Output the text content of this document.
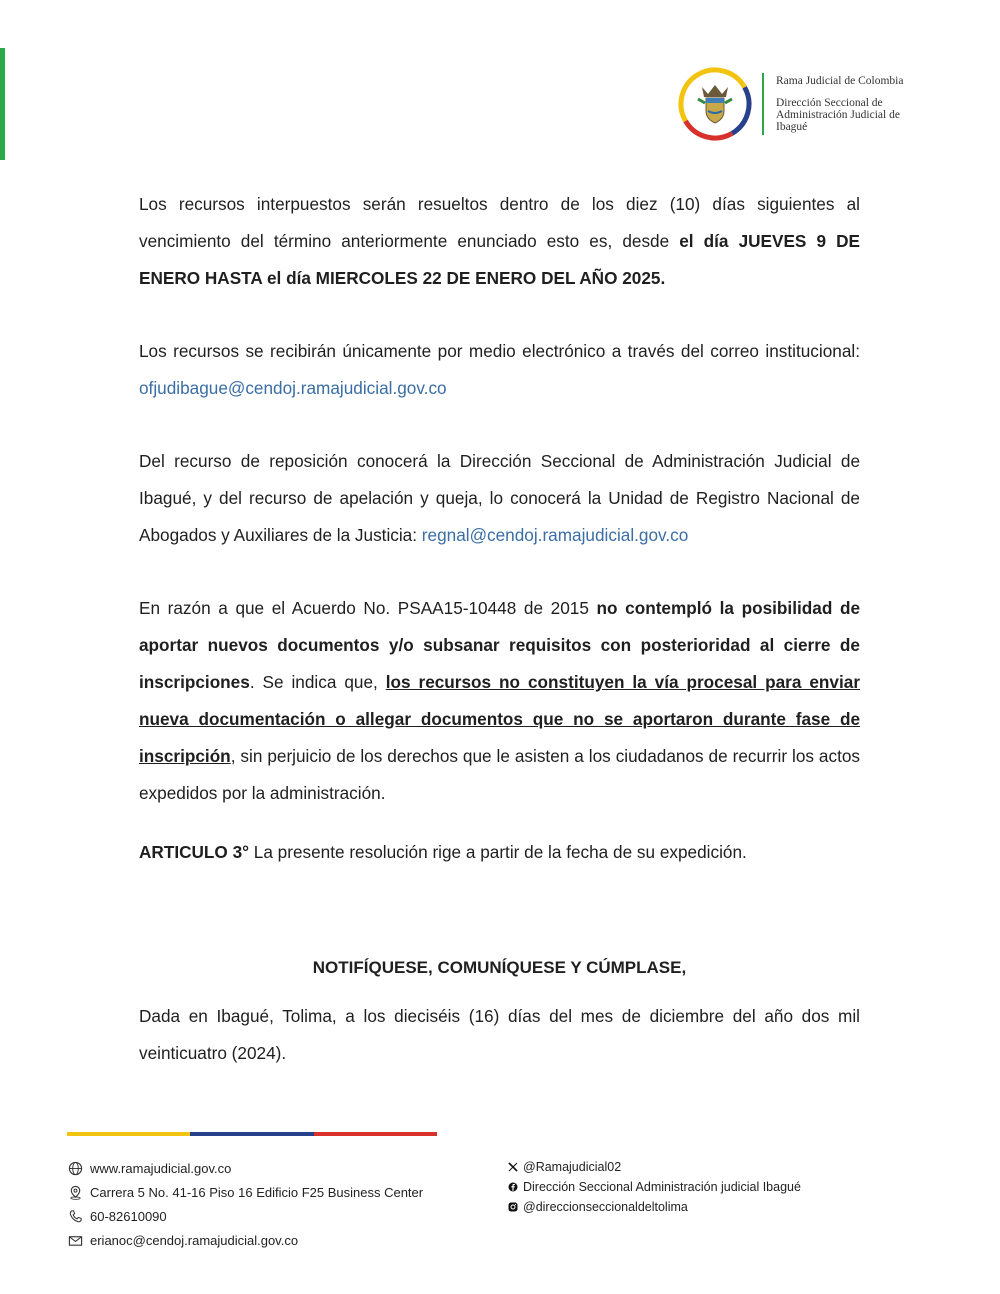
Rama Judicial de Colombia
Dirección Seccional de Administración Judicial de Ibagué

Los recursos interpuestos serán resueltos dentro de los diez (10) días siguientes al vencimiento del término anteriormente enunciado esto es, desde el día JUEVES 9 DE ENERO HASTA el día MIERCOLES 22 DE ENERO DEL AÑO 2025.

Los recursos se recibirán únicamente por medio electrónico a través del correo institucional: ofjudibague@cendoj.ramajudicial.gov.co

Del recurso de reposición conocerá la Dirección Seccional de Administración Judicial de Ibagué, y del recurso de apelación y queja, lo conocerá la Unidad de Registro Nacional de Abogados y Auxiliares de la Justicia: regnal@cendoj.ramajudicial.gov.co

En razón a que el Acuerdo No. PSAA15-10448 de 2015 no contempló la posibilidad de aportar nuevos documentos y/o subsanar requisitos con posterioridad al cierre de inscripciones. Se indica que, los recursos no constituyen la vía procesal para enviar nueva documentación o allegar documentos que no se aportaron durante fase de inscripción, sin perjuicio de los derechos que le asisten a los ciudadanos de recurrir los actos expedidos por la administración.

ARTICULO 3° La presente resolución rige a partir de la fecha de su expedición.

NOTIFÍQUESE, COMUNÍQUESE Y CÚMPLASE,

Dada en Ibagué, Tolima, a los dieciséis (16) días del mes de diciembre del año dos mil veinticuatro (2024).

www.ramajudicial.gov.co
Carrera 5 No. 41-16 Piso 16 Edificio F25 Business Center
60-82610090
erianoc@cendoj.ramajudicial.gov.co
@Ramajudicial02
Dirección Seccional Administración judicial Ibagué
@direccionseccionaldeltolima
